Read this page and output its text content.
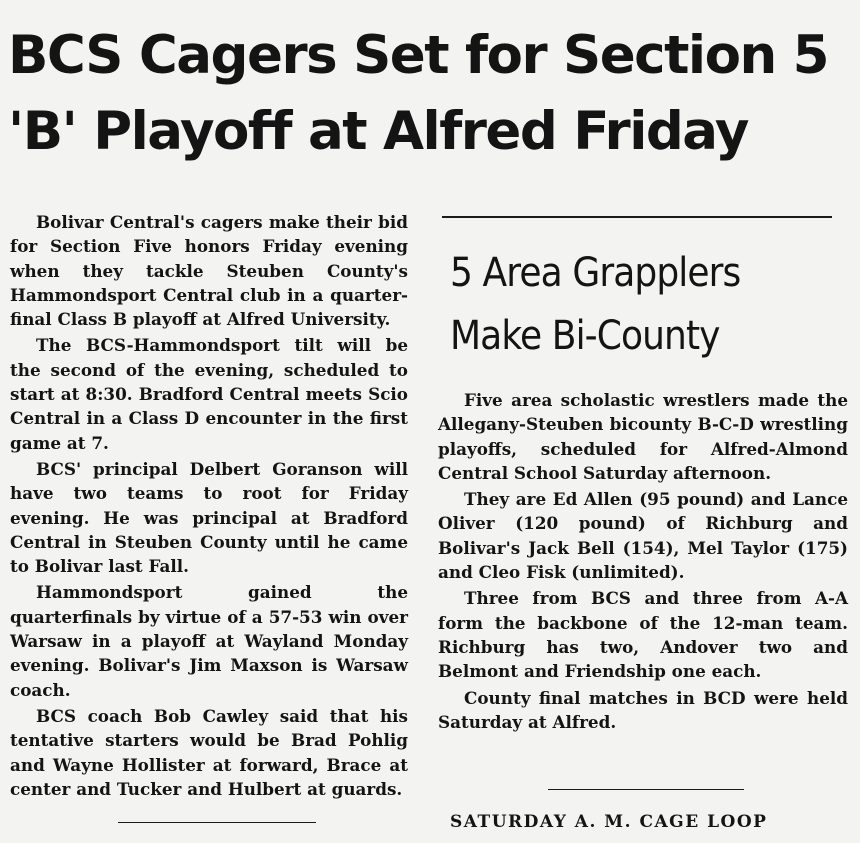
BCS Cagers Set for Section 5
'B' Playoff at Alfred Friday

Bolivar Central's cagers make their bid for Section Five honors Friday evening when they tackle Steuben County's Hammondsport Central club in a quarter-final Class B playoff at Alfred University.

The BCS-Hammondsport tilt will be the second of the evening, scheduled to start at 8:30. Bradford Central meets Scio Central in a Class D encounter in the first game at 7.

BCS' principal Delbert Goranson will have two teams to root for Friday evening. He was principal at Bradford Central in Steuben County until he came to Bolivar last Fall.

Hammondsport gained the quarterfinals by virtue of a 57-53 win over Warsaw in a playoff at Wayland Monday evening. Bolivar's Jim Maxson is Warsaw coach.

BCS coach Bob Cawley said that his tentative starters would be Brad Pohlig and Wayne Hollister at forward, Brace at center and Tucker and Hulbert at guards.

5 Area Grapplers
Make Bi-County

Five area scholastic wrestlers made the Allegany-Steuben bicounty B-C-D wrestling playoffs, scheduled for Alfred-Almond Central School Saturday afternoon.

They are Ed Allen (95 pound) and Lance Oliver (120 pound) of Richburg and Bolivar's Jack Bell (154), Mel Taylor (175) and Cleo Fisk (unlimited).

Three from BCS and three from A-A form the backbone of the 12-man team. Richburg has two, Andover two and Belmont and Friendship one each.

County final matches in BCD were held Saturday at Alfred.

SATURDAY A. M. CAGE LOOP
